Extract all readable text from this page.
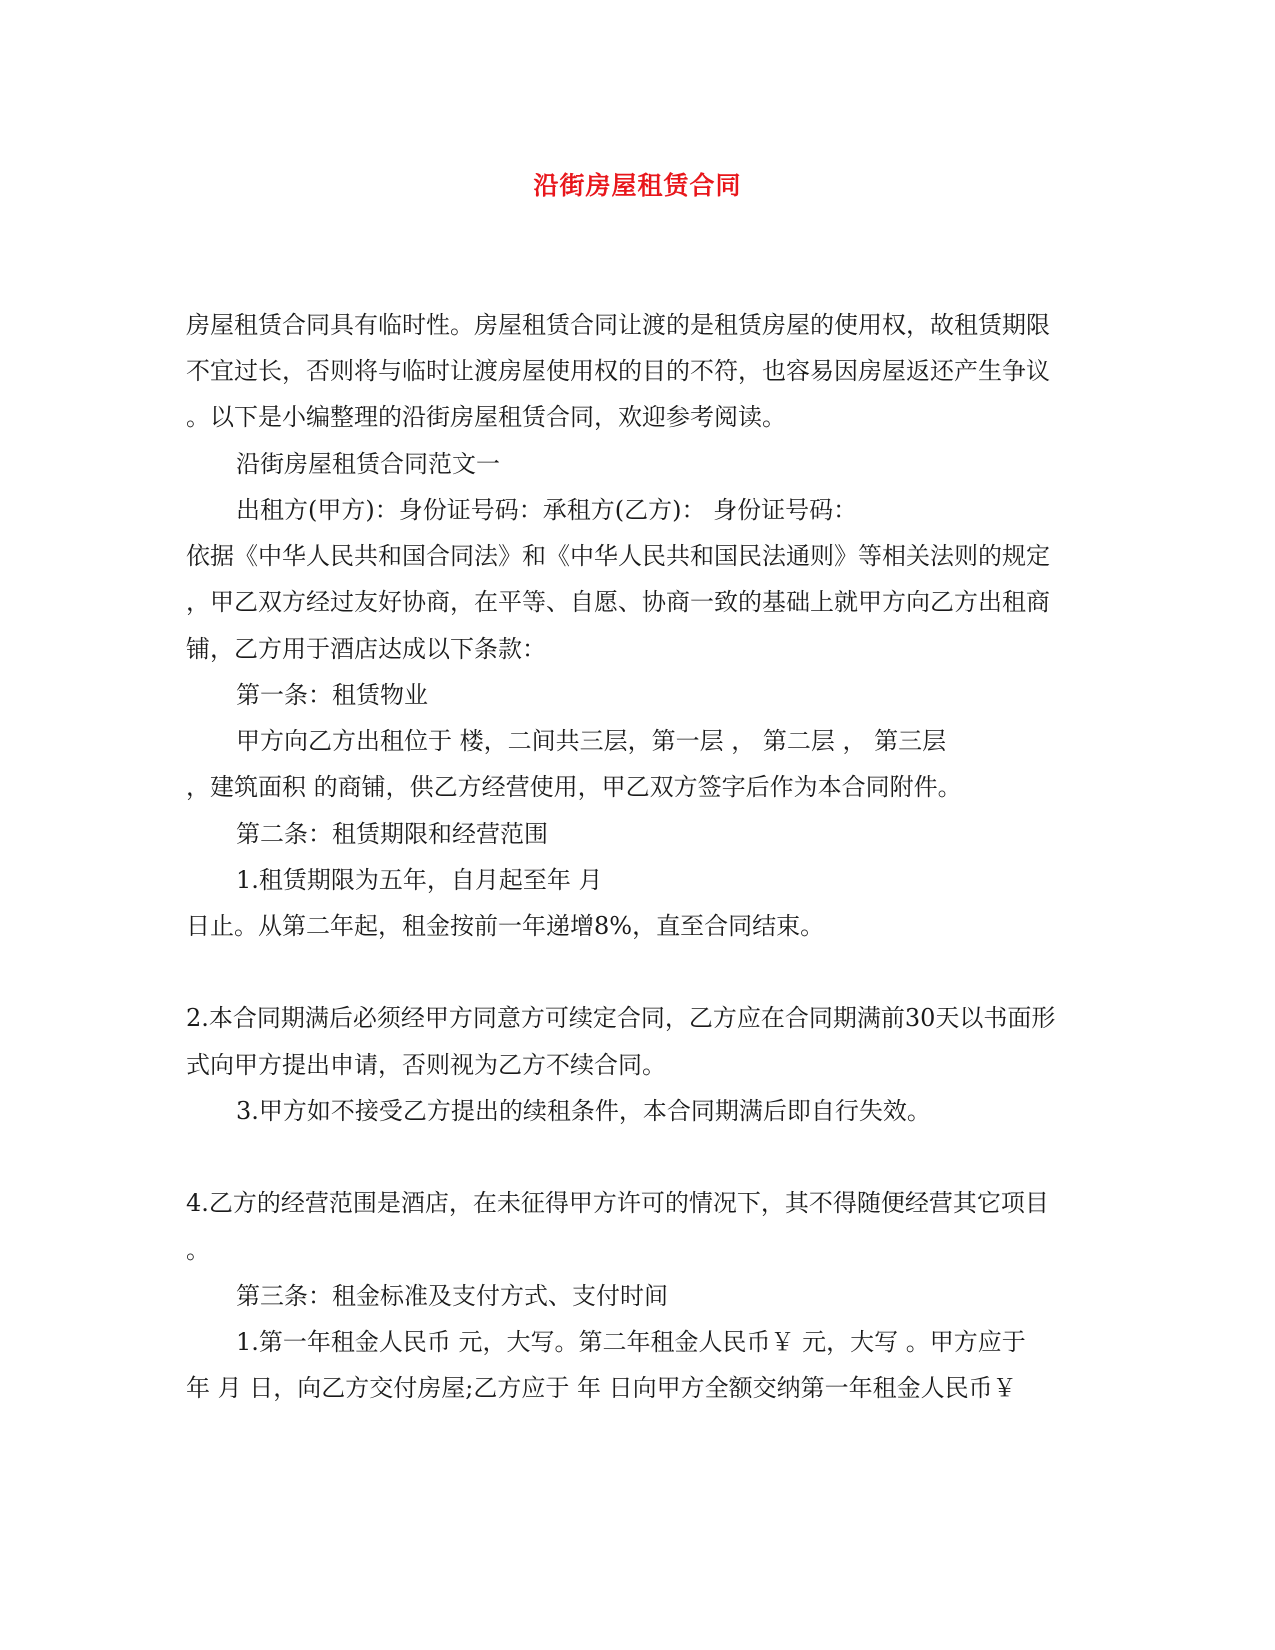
沿街房屋租赁合同
房屋租赁合同具有临时性。房屋租赁合同让渡的是租赁房屋的使用权，故租赁期限
不宜过长，否则将与临时让渡房屋使用权的目的不符，也容易因房屋返还产生争议
。以下是小编整理的沿街房屋租赁合同，欢迎参考阅读。
沿街房屋租赁合同范文一
出租方(甲方)：身份证号码：承租方(乙方)： 身份证号码：
依据《中华人民共和国合同法》和《中华人民共和国民法通则》等相关法则的规定
，甲乙双方经过友好协商，在平等、自愿、协商一致的基础上就甲方向乙方出租商
铺，乙方用于酒店达成以下条款：
第一条：租赁物业
甲方向乙方出租位于 楼，二间共三层，第一层 ， 第二层 ， 第三层
，建筑面积 的商铺，供乙方经营使用，甲乙双方签字后作为本合同附件。
第二条：租赁期限和经营范围
1.租赁期限为五年，自月起至年 月
日止。从第二年起，租金按前一年递增8%，直至合同结束。
2.本合同期满后必须经甲方同意方可续定合同，乙方应在合同期满前30天以书面形
式向甲方提出申请，否则视为乙方不续合同。
3.甲方如不接受乙方提出的续租条件，本合同期满后即自行失效。
4.乙方的经营范围是酒店，在未征得甲方许可的情况下，其不得随便经营其它项目
。
第三条：租金标准及支付方式、支付时间
1.第一年租金人民币 元，大写。第二年租金人民币￥ 元，大写 。甲方应于
年 月 日，向乙方交付房屋;乙方应于 年 日向甲方全额交纳第一年租金人民币￥
